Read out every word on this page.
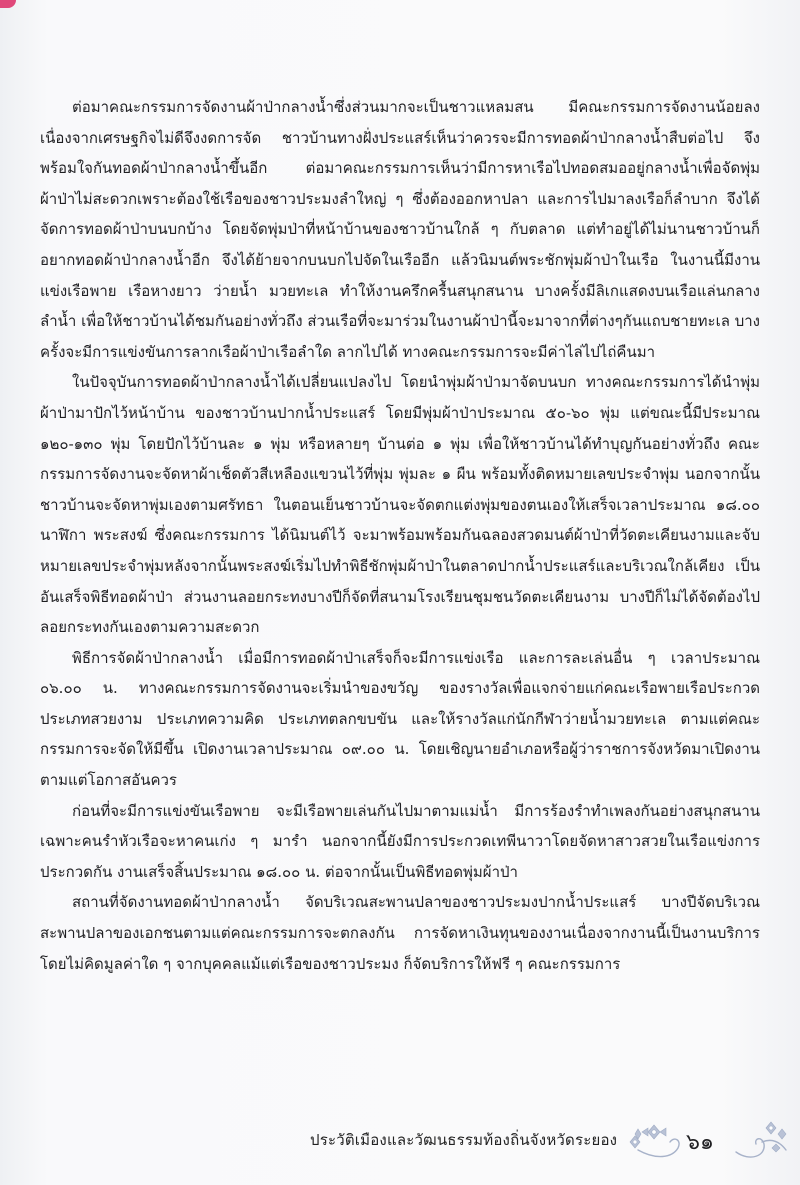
ต่อมาคณะกรรมการจัดงานผ้าป่ากลางน้ำซึ่งส่วนมากจะเป็นชาวแหลมสน มีคณะกรรมการจัดงานน้อยลงเนื่องจากเศรษฐกิจไม่ดีจึงงดการจัด ชาวบ้านทางฝั่งประแสร์เห็นว่าควรจะมีการทอดผ้าป่ากลางน้ำสืบต่อไป จึงพร้อมใจกันทอดผ้าป่ากลางน้ำขึ้นอีก ต่อมาคณะกรรมการเห็นว่ามีการหาเรือไปทอดสมออยู่กลางน้ำเพื่อจัดพุ่มผ้าป่าไม่สะดวกเพราะต้องใช้เรือของชาวประมงลำใหญ่ ๆ ซึ่งต้องออกหาปลา และการไปมาลงเรือก็ลำบาก จึงได้จัดการทอดผ้าป่าบนบกบ้าง โดยจัดพุ่มป่าที่หน้าบ้านของชาวบ้านใกล้ ๆ กับตลาด แต่ทำอยู่ได้ไม่นานชาวบ้านก็อยากทอดผ้าป่ากลางน้ำอีก จึงได้ย้ายจากบนบกไปจัดในเรืออีก แล้วนิมนต์พระชักพุ่มผ้าป่าในเรือ ในงานนี้มีงานแข่งเรือพาย เรือหางยาว ว่ายน้ำ มวยทะเล ทำให้งานครึกครื้นสนุกสนาน บางครั้งมีลิเกแสดงบนเรือแล่นกลางลำน้ำ เพื่อให้ชาวบ้านได้ชมกันอย่างทั่วถึง ส่วนเรือที่จะมาร่วมในงานผ้าป่านี้จะมาจากที่ต่างๆกันแถบชายทะเล บางครั้งจะมีการแข่งขันการลากเรือผ้าป่าเรือลำใด ลากไปได้ ทางคณะกรรมการจะมีค่าไล่ไปไถ่คืนมา

ในปัจจุบันการทอดผ้าป่ากลางน้ำได้เปลี่ยนแปลงไป โดยนำพุ่มผ้าป่ามาจัดบนบก ทางคณะกรรมการได้นำพุ่มผ้าป่ามาปักไว้หน้าบ้าน ของชาวบ้านปากน้ำประแสร์ โดยมีพุ่มผ้าป่าประมาณ ๕๐-๖๐ พุ่ม แต่ขณะนี้มีประมาณ ๑๒๐-๑๓๐ พุ่ม โดยปักไว้บ้านละ ๑ พุ่ม หรือหลายๆ บ้านต่อ ๑ พุ่ม เพื่อให้ชาวบ้านได้ทำบุญกันอย่างทั่วถึง คณะกรรมการจัดงานจะจัดหาผ้าเช็ดตัวสีเหลืองแขวนไว้ที่พุ่ม พุ่มละ ๑ ผืน พร้อมทั้งติดหมายเลขประจำพุ่ม นอกจากนั้นชาวบ้านจะจัดหาพุ่มเองตามศรัทธา ในตอนเย็นชาวบ้านจะจัดตกแต่งพุ่มของตนเองให้เสร็จเวลาประมาณ ๑๘.๐๐ นาฬิกา พระสงฆ์ ซึ่งคณะกรรมการ ได้นิมนต์ไว้ จะมาพร้อมพร้อมกันฉลองสวดมนต์ผ้าป่าที่วัดตะเคียนงามและจับหมายเลขประจำพุ่มหลังจากนั้นพระสงฆ์เริ่มไปทำพิธีชักพุ่มผ้าป่าในตลาดปากน้ำประแสร์และบริเวณใกล้เคียง เป็นอันเสร็จพิธีทอดผ้าป่า ส่วนงานลอยกระทงบางปีก็จัดที่สนามโรงเรียนชุมชนวัดตะเคียนงาม บางปีก็ไม่ได้จัดต้องไปลอยกระทงกันเองตามความสะดวก

พิธีการจัดผ้าป่ากลางน้ำ เมื่อมีการทอดผ้าป่าเสร็จก็จะมีการแข่งเรือ และการละเล่นอื่น ๆ เวลาประมาณ ๐๖.๐๐ น. ทางคณะกรรมการจัดงานจะเริ่มนำของขวัญ ของรางวัลเพื่อแจกจ่ายแก่คณะเรือพายเรือประกวด ประเภทสวยงาม ประเภทความคิด ประเภทตลกขบขัน และให้รางวัลแก่นักกีฬาว่ายน้ำมวยทะเล ตามแต่คณะกรรมการจะจัดให้มีขึ้น เปิดงานเวลาประมาณ ๐๙.๐๐ น. โดยเชิญนายอำเภอหรือผู้ว่าราชการจังหวัดมาเปิดงานตามแต่โอกาสอันควร

ก่อนที่จะมีการแข่งขันเรือพาย จะมีเรือพายเล่นกันไปมาตามแม่น้ำ มีการร้องรำทำเพลงกันอย่างสนุกสนาน เฉพาะคนรำหัวเรือจะหาคนเก่ง ๆ มารำ นอกจากนี้ยังมีการประกวดเทพีนาวาโดยจัดหาสาวสวยในเรือแข่งการประกวดกัน งานเสร็จสิ้นประมาณ ๑๘.๐๐ น. ต่อจากนั้นเป็นพิธีทอดพุ่มผ้าป่า

สถานที่จัดงานทอดผ้าป่ากลางน้ำ จัดบริเวณสะพานปลาของชาวประมงปากน้ำประแสร์ บางปีจัดบริเวณสะพานปลาของเอกชนตามแต่คณะกรรมการจะตกลงกัน การจัดหาเงินทุนของงานเนื่องจากงานนี้เป็นงานบริการ โดยไม่คิดมูลค่าใด ๆ จากบุคคลแม้แต่เรือของชาวประมง ก็จัดบริการให้ฟรี ๆ คณะกรรมการ

ประวัติเมืองและวัฒนธรรมท้องถิ่นจังหวัดระยอง	๖๑
